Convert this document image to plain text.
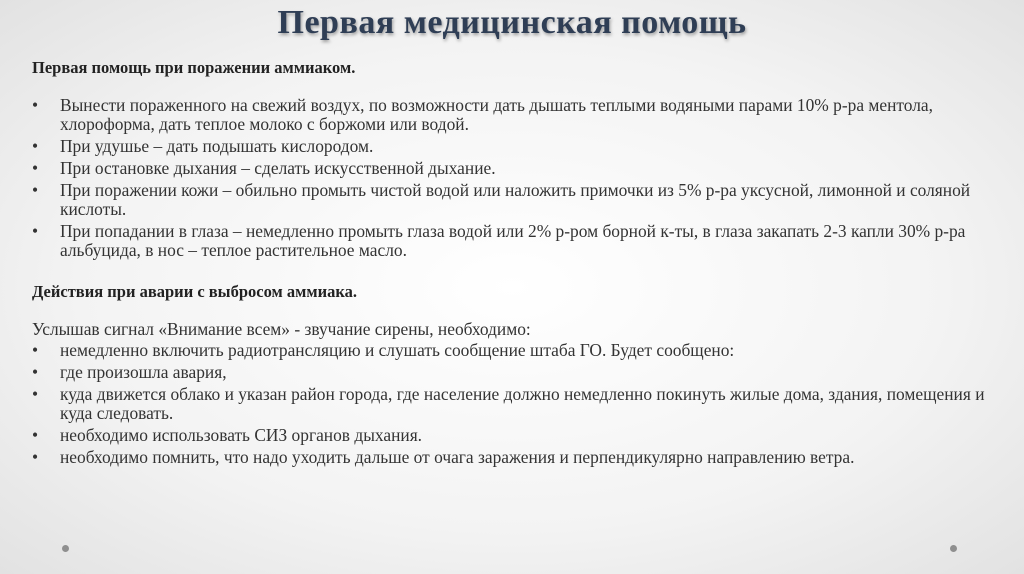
Первая медицинская помощь
Первая помощь при поражении аммиаком.
• Вынести пораженного на свежий воздух, по возможности дать дышать теплыми водяными парами 10% р-ра ментола, хлороформа, дать теплое молоко с боржоми или водой.
• При удушье – дать подышать кислородом.
• При остановке дыхания – сделать искусственной дыхание.
• При поражении кожи – обильно промыть чистой водой или наложить примочки из 5% р-ра уксусной, лимонной и соляной кислоты.
• При попадании в глаза – немедленно промыть глаза водой или 2% р-ром борной к-ты, в глаза закапать 2-3 капли 30% р-ра альбуцида, в нос – теплое растительное масло.
Действия при аварии с выбросом аммиака.
Услышав сигнал «Внимание всем» - звучание сирены, необходимо:
• немедленно включить радиотрансляцию и слушать сообщение штаба ГО. Будет сообщено:
• где произошла авария,
• куда движется облако и указан район города, где население должно немедленно покинуть жилые дома, здания, помещения и куда следовать.
• необходимо использовать СИЗ органов дыхания.
• необходимо помнить, что надо уходить дальше от очага заражения и перпендикулярно направлению ветра.
